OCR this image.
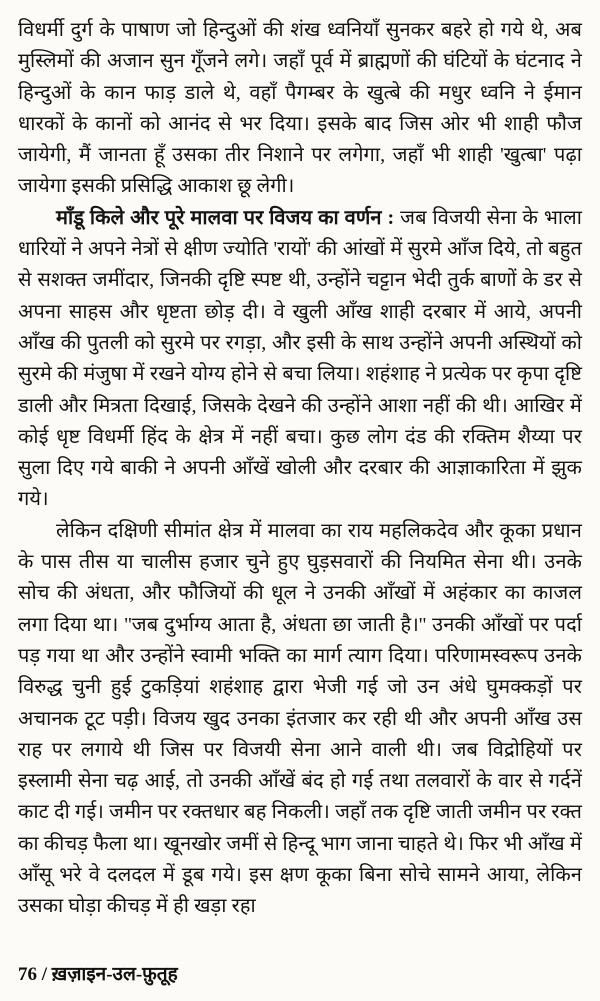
विधर्मी दुर्ग के पाषाण जो हिन्दुओं की शंख ध्वनियाँ सुनकर बहरे हो गये थे, अब मुस्लिमों की अजान सुन गूँजने लगे। जहाँ पूर्व में ब्राह्मणों की घंटियों के घंटनाद ने हिन्दुओं के कान फाड़ डाले थे, वहाँ पैगम्बर के खुत्बे की मधुर ध्वनि ने ईमान धारकों के कानों को आनंद से भर दिया। इसके बाद जिस ओर भी शाही फौज जायेगी, मैं जानता हूँ उसका तीर निशाने पर लगेगा, जहाँ भी शाही 'खुत्बा' पढ़ा जायेगा इसकी प्रसिद्धि आकाश छू लेगी।

माँडू किले और पूरे मालवा पर विजय का वर्णन : जब विजयी सेना के भाला धारियों ने अपने नेत्रों से क्षीण ज्योति 'रायों' की आंखों में सुरमे आँज दिये, तो बहुत से सशक्त जमींदार, जिनकी दृष्टि स्पष्ट थी, उन्होंने चट्टान भेदी तुर्क बाणों के डर से अपना साहस और धृष्टता छोड़ दी। वे खुली आँख शाही दरबार में आये, अपनी आँख की पुतली को सुरमे पर रगड़ा, और इसी के साथ उन्होंने अपनी अस्थियों को सुरमे की मंजुषा में रखने योग्य होने से बचा लिया। शहंशाह ने प्रत्येक पर कृपा दृष्टि डाली और मित्रता दिखाई, जिसके देखने की उन्होंने आशा नहीं की थी। आखिर में कोई धृष्ट विधर्मी हिंद के क्षेत्र में नहीं बचा। कुछ लोग दंड की रक्तिम शैय्या पर सुला दिए गये बाकी ने अपनी आँखें खोली और दरबार की आज्ञाकारिता में झुक गये।

लेकिन दक्षिणी सीमांत क्षेत्र में मालवा का राय महलिकदेव और कूका प्रधान के पास तीस या चालीस हजार चुने हुए घुड़सवारों की नियमित सेना थी। उनके सोच की अंधता, और फौजियों की धूल ने उनकी आँखों में अहंकार का काजल लगा दिया था। ''जब दुर्भाग्य आता है, अंधता छा जाती है।'' उनकी आँखों पर पर्दा पड़ गया था और उन्होंने स्वामी भक्ति का मार्ग त्याग दिया। परिणामस्वरूप उनके विरुद्ध चुनी हुई टुकड़ियां शहंशाह द्वारा भेजी गई जो उन अंधे घुमक्कड़ों पर अचानक टूट पड़ी। विजय खुद उनका इंतजार कर रही थी और अपनी आँख उस राह पर लगाये थी जिस पर विजयी सेना आने वाली थी। जब विद्रोहियों पर इस्लामी सेना चढ़ आई, तो उनकी आँखें बंद हो गई तथा तलवारों के वार से गर्दनें काट दी गई। जमीन पर रक्तधार बह निकली। जहाँ तक दृष्टि जाती जमीन पर रक्त का कीचड़ फैला था। खूनखोर जमीं से हिन्दू भाग जाना चाहते थे। फिर भी आँख में आँसू भरे वे दलदल में डूब गये। इस क्षण कूका बिना सोचे सामने आया, लेकिन उसका घोड़ा कीचड़ में ही खड़ा रहा

76 / ख़ज़ाइन-उल-फ़ुतूह
